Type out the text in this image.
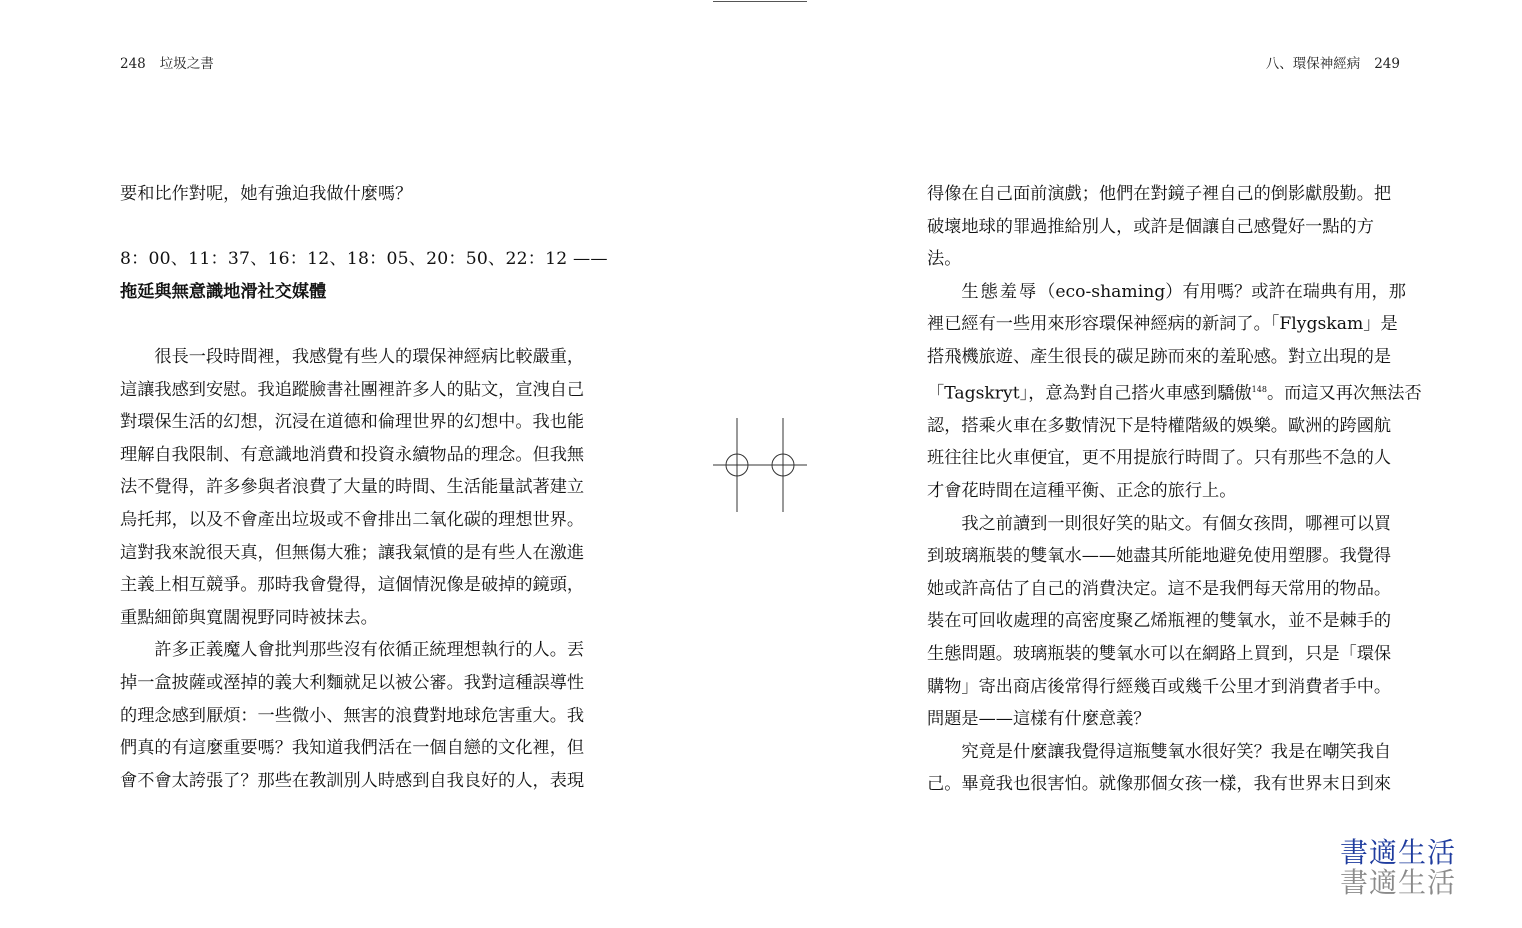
248 垃圾之書	八、環保神經病 249

要和比作對呢，她有強迫我做什麼嗎？

8：00、11：37、16：12、18：05、20：50、22：12 ——

拖延與無意識地滑社交媒體

很長一段時間裡，我感覺有些人的環保神經病比較嚴重，

這讓我感到安慰。我追蹤臉書社團裡許多人的貼文，宣洩自己

對環保生活的幻想，沉浸在道德和倫理世界的幻想中。我也能

理解自我限制、有意識地消費和投資永續物品的理念。但我無

法不覺得，許多參與者浪費了大量的時間、生活能量試著建立

烏托邦，以及不會產出垃圾或不會排出二氧化碳的理想世界。

這對我來說很天真，但無傷大雅；讓我氣憤的是有些人在激進

主義上相互競爭。那時我會覺得，這個情況像是破掉的鏡頭，

重點細節與寬闊視野同時被抹去。

許多正義魔人會批判那些沒有依循正統理想執行的人。丟

掉一盒披薩或溼掉的義大利麵就足以被公審。我對這種誤導性

的理念感到厭煩：一些微小、無害的浪費對地球危害重大。我

們真的有這麼重要嗎？我知道我們活在一個自戀的文化裡，但

會不會太誇張了？那些在教訓別人時感到自我良好的人，表現

得像在自己面前演戲；他們在對鏡子裡自己的倒影獻殷勤。把

破壞地球的罪過推給別人，或許是個讓自己感覺好一點的方

法。

生態羞辱（eco-shaming）有用嗎？或許在瑞典有用，那

裡已經有一些用來形容環保神經病的新詞了。「Flygskam」是

搭飛機旅遊、產生很長的碳足跡而來的羞恥感。對立出現的是

「Tagskryt」，意為對自己搭火車感到驕傲$^{148}$。而這又再次無法否

認，搭乘火車在多數情況下是特權階級的娛樂。歐洲的跨國航

班往往比火車便宜，更不用提旅行時間了。只有那些不急的人

才會花時間在這種平衡、正念的旅行上。

我之前讀到一則很好笑的貼文。有個女孩問，哪裡可以買

到玻璃瓶裝的雙氧水——她盡其所能地避免使用塑膠。我覺得

她或許高估了自己的消費決定。這不是我們每天常用的物品。

裝在可回收處理的高密度聚乙烯瓶裡的雙氧水，並不是棘手的

生態問題。玻璃瓶裝的雙氧水可以在網路上買到，只是「環保

購物」寄出商店後常得行經幾百或幾千公里才到消費者手中。

問題是——這樣有什麼意義？

究竟是什麼讓我覺得這瓶雙氧水很好笑？我是在嘲笑我自

己。畢竟我也很害怕。就像那個女孩一樣，我有世界末日到來

書適生活
書適生活
